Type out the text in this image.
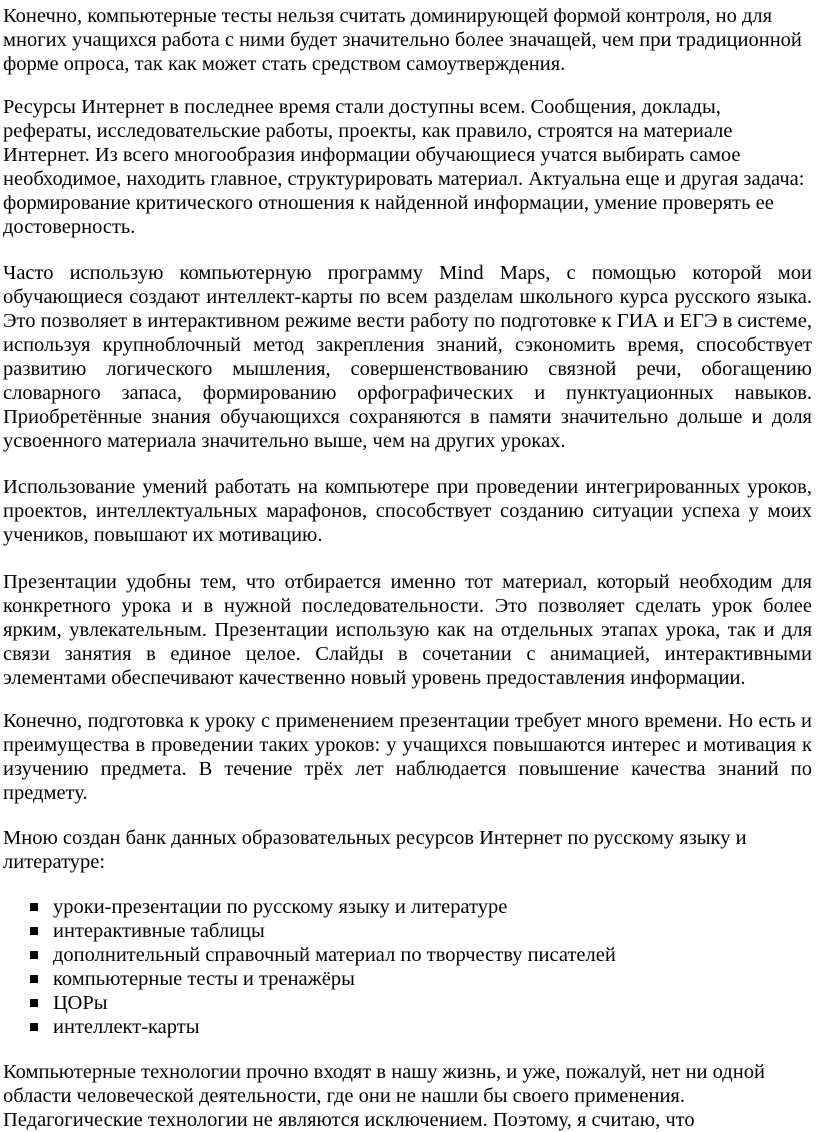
Конечно, компьютерные тесты нельзя считать доминирующей формой контроля, но для многих учащихся работа с ними будет значительно более значащей, чем при традиционной форме опроса, так как может стать средством самоутверждения.

Ресурсы Интернет в последнее время стали доступны всем. Сообщения, доклады, рефераты, исследовательские работы, проекты, как правило, строятся на материале Интернет. Из всего многообразия информации обучающиеся учатся выбирать самое необходимое, находить главное, структурировать материал. Актуальна еще и другая задача: формирование критического отношения к найденной информации, умение проверять ее достоверность.

Часто использую компьютерную программу Mind Maps, с помощью которой мои обучающиеся создают интеллект-карты по всем разделам школьного курса русского языка. Это позволяет в интерактивном режиме вести работу по подготовке к ГИА и ЕГЭ в системе, используя крупноблочный метод закрепления знаний, сэкономить время, способствует развитию логического мышления, совершенствованию связной речи, обогащению словарного запаса, формированию орфографических и пунктуационных навыков. Приобретённые знания обучающихся сохраняются в памяти значительно дольше и доля усвоенного материала значительно выше, чем на других уроках.

Использование умений работать на компьютере при проведении интегрированных уроков, проектов, интеллектуальных марафонов, способствует созданию ситуации успеха у моих учеников, повышают их мотивацию.

Презентации удобны тем, что отбирается именно тот материал, который необходим для конкретного урока и в нужной последовательности. Это позволяет сделать урок более ярким, увлекательным. Презентации использую как на отдельных этапах урока, так и для связи занятия в единое целое. Слайды в сочетании с анимацией, интерактивными элементами обеспечивают качественно новый уровень предоставления информации.

Конечно, подготовка к уроку с применением презентации требует много времени. Но есть и преимущества в проведении таких уроков: у учащихся повышаются интерес и мотивация к изучению предмета. В течение трёх лет наблюдается повышение качества знаний по предмету.

Мною создан банк данных образовательных ресурсов Интернет по русскому языку и литературе:

уроки-презентации по русскому языку и литературе
интерактивные таблицы
дополнительный справочный материал по творчеству писателей
компьютерные тесты и тренажёры
ЦОРы
интеллект-карты

Компьютерные технологии прочно входят в нашу жизнь, и уже, пожалуй, нет ни одной области человеческой деятельности, где они не нашли бы своего применения. Педагогические технологии не являются исключением. Поэтому, я считаю, что
